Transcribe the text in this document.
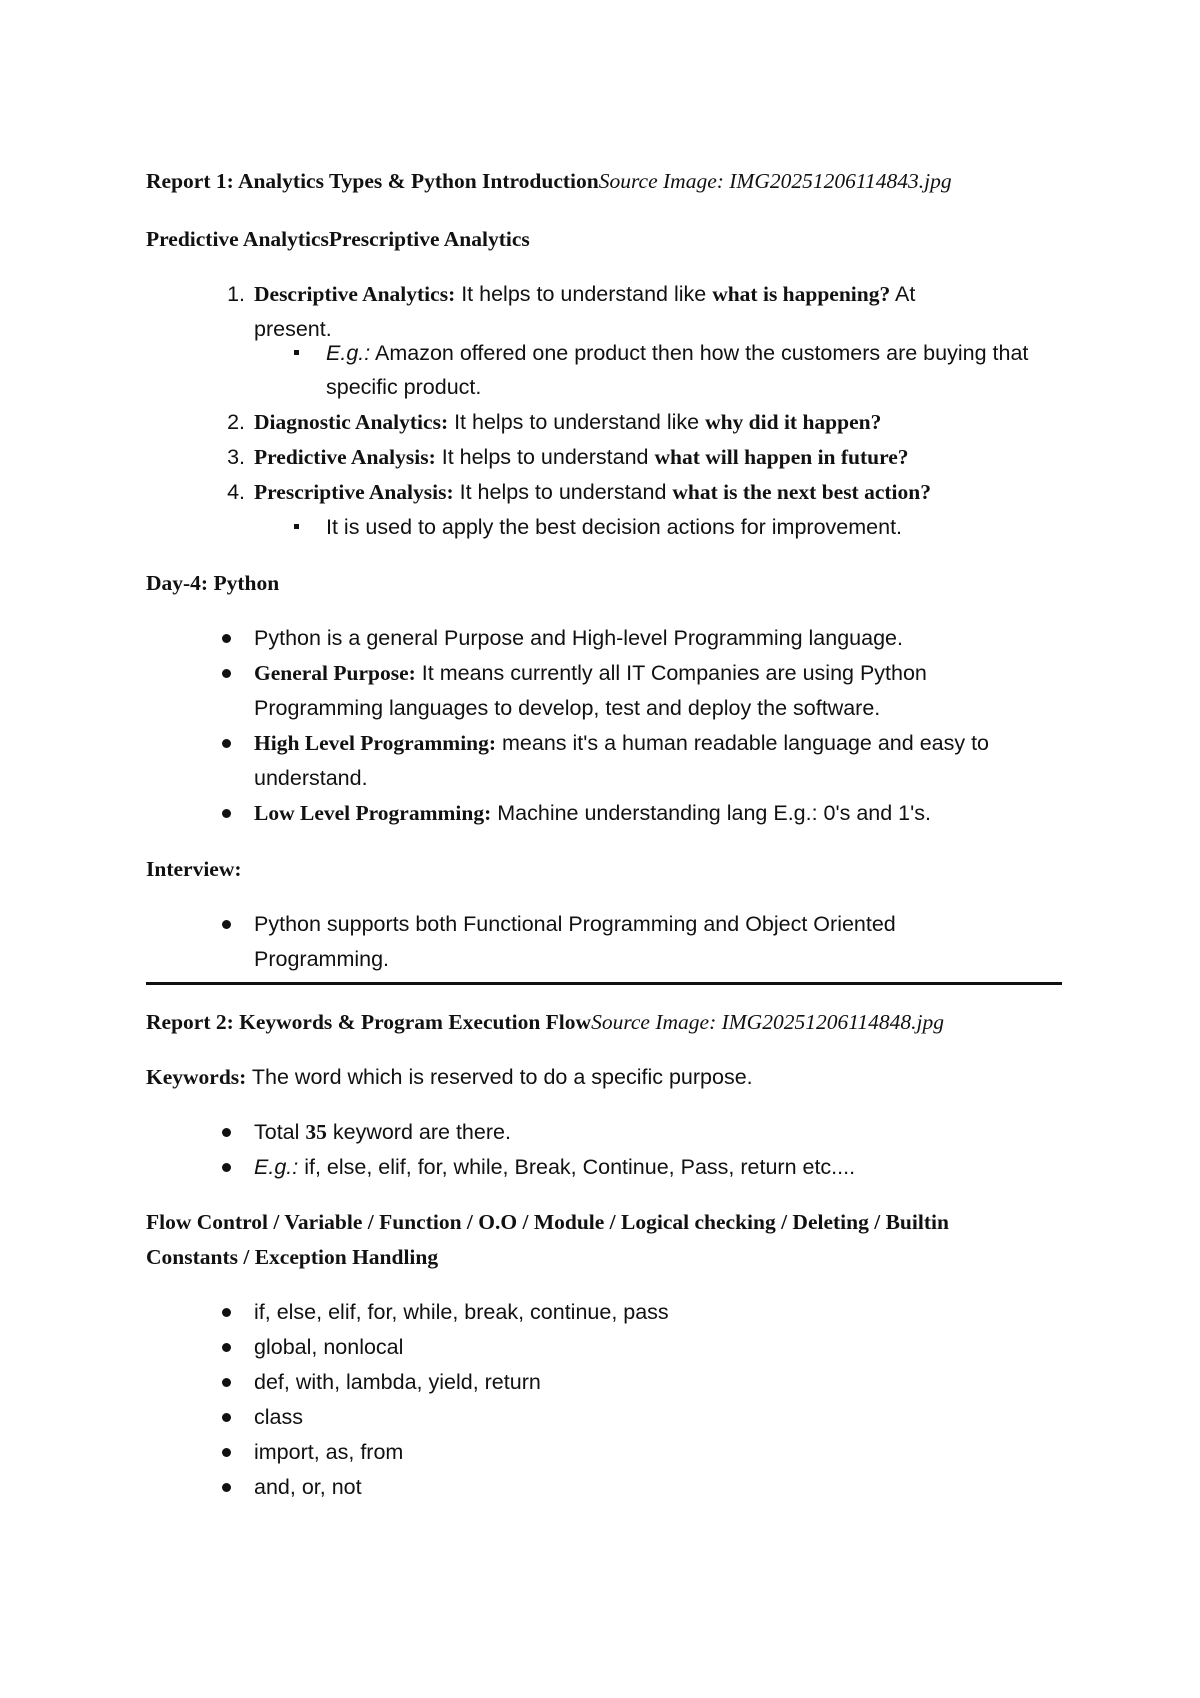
Report 1: Analytics Types & Python IntroductionSource Image: IMG20251206114843.jpg
Predictive AnalyticsPrescriptive Analytics
1. Descriptive Analytics: It helps to understand like what is happening? At
present.
E.g.: Amazon offered one product then how the customers are buying that
specific product.
2. Diagnostic Analytics: It helps to understand like why did it happen?
3. Predictive Analysis: It helps to understand what will happen in future?
4. Prescriptive Analysis: It helps to understand what is the next best action?
It is used to apply the best decision actions for improvement.
Day-4: Python
Python is a general Purpose and High-level Programming language.
General Purpose: It means currently all IT Companies are using Python
Programming languages to develop, test and deploy the software.
High Level Programming: means it's a human readable language and easy to
understand.
Low Level Programming: Machine understanding lang E.g.: 0's and 1's.
Interview:
Python supports both Functional Programming and Object Oriented
Programming.
Report 2: Keywords & Program Execution FlowSource Image: IMG20251206114848.jpg
Keywords: The word which is reserved to do a specific purpose.
Total 35 keyword are there.
E.g.: if, else, elif, for, while, Break, Continue, Pass, return etc....
Flow Control / Variable / Function / O.O / Module / Logical checking / Deleting / Builtin
Constants / Exception Handling
if, else, elif, for, while, break, continue, pass
global, nonlocal
def, with, lambda, yield, return
class
import, as, from
and, or, not
